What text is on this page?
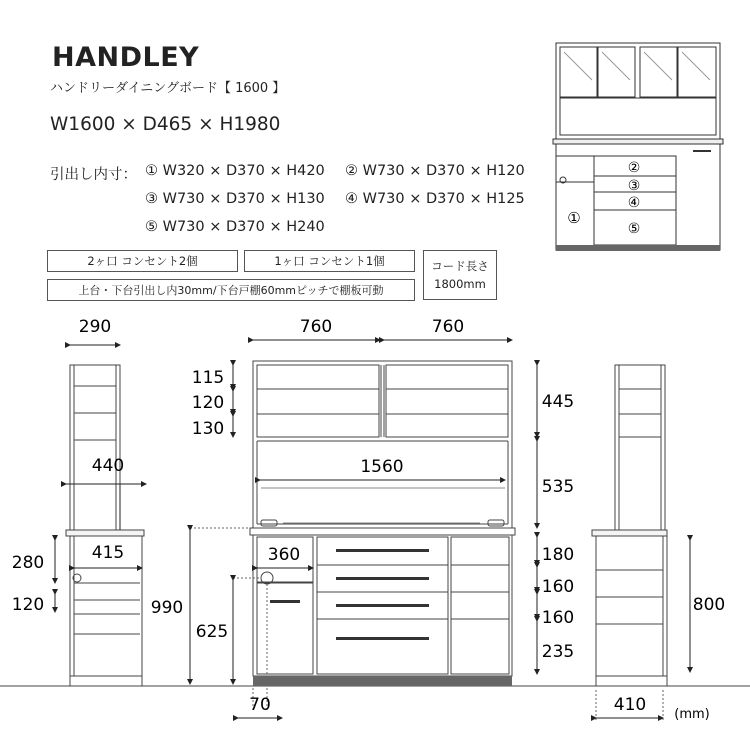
HANDLEY
ハンドリーダイニングボード【 1600 】
W1600 × D465 × H1980
引出し内寸： ① W320 × D370 × H420 ② W730 × D370 × H120
③ W730 × D370 × H130 ④ W730 × D370 × H125
⑤ W730 × D370 × H240
2ヶ口 コンセント2個	1ヶ口 コンセント1個
上台・下台引出し内30mm/下台戸棚60mmピッチで棚板可動
コード長さ
1800mm
②
③
④
⑤
①
290
440
415
280
120
760	760
115
120
130
445
535
1560
360
990
625
70
180
160
160
235
800
410 (mm)
